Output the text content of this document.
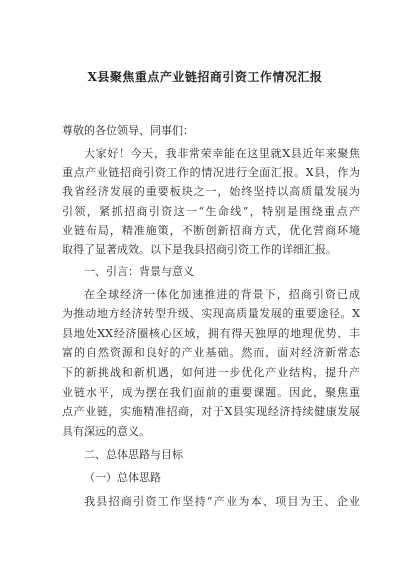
X县聚焦重点产业链招商引资工作情况汇报
尊敬的各位领导、同事们：
大家好！今天，我非常荣幸能在这里就X县近年来聚焦
重点产业链招商引资工作的情况进行全面汇报。X县，作为
我省经济发展的重要板块之一，始终坚持以高质量发展为
引领，紧抓招商引资这一“生命线”，特别是围绕重点产
业链布局，精准施策，不断创新招商方式，优化营商环境
取得了显著成效。以下是我县招商引资工作的详细汇报。
一、引言：背景与意义
在全球经济一体化加速推进的背景下，招商引资已成
为推动地方经济转型升级、实现高质量发展的重要途径。X
县地处XX经济圈核心区域，拥有得天独厚的地理优势、丰
富的自然资源和良好的产业基础。然而，面对经济新常态
下的新挑战和新机遇，如何进一步优化产业结构，提升产
业链水平，成为摆在我们面前的重要课题。因此，聚焦重
点产业链，实施精准招商，对于X县实现经济持续健康发展
具有深远的意义。
二、总体思路与目标
（一）总体思路
我县招商引资工作坚持“产业为本、项目为王、企业
